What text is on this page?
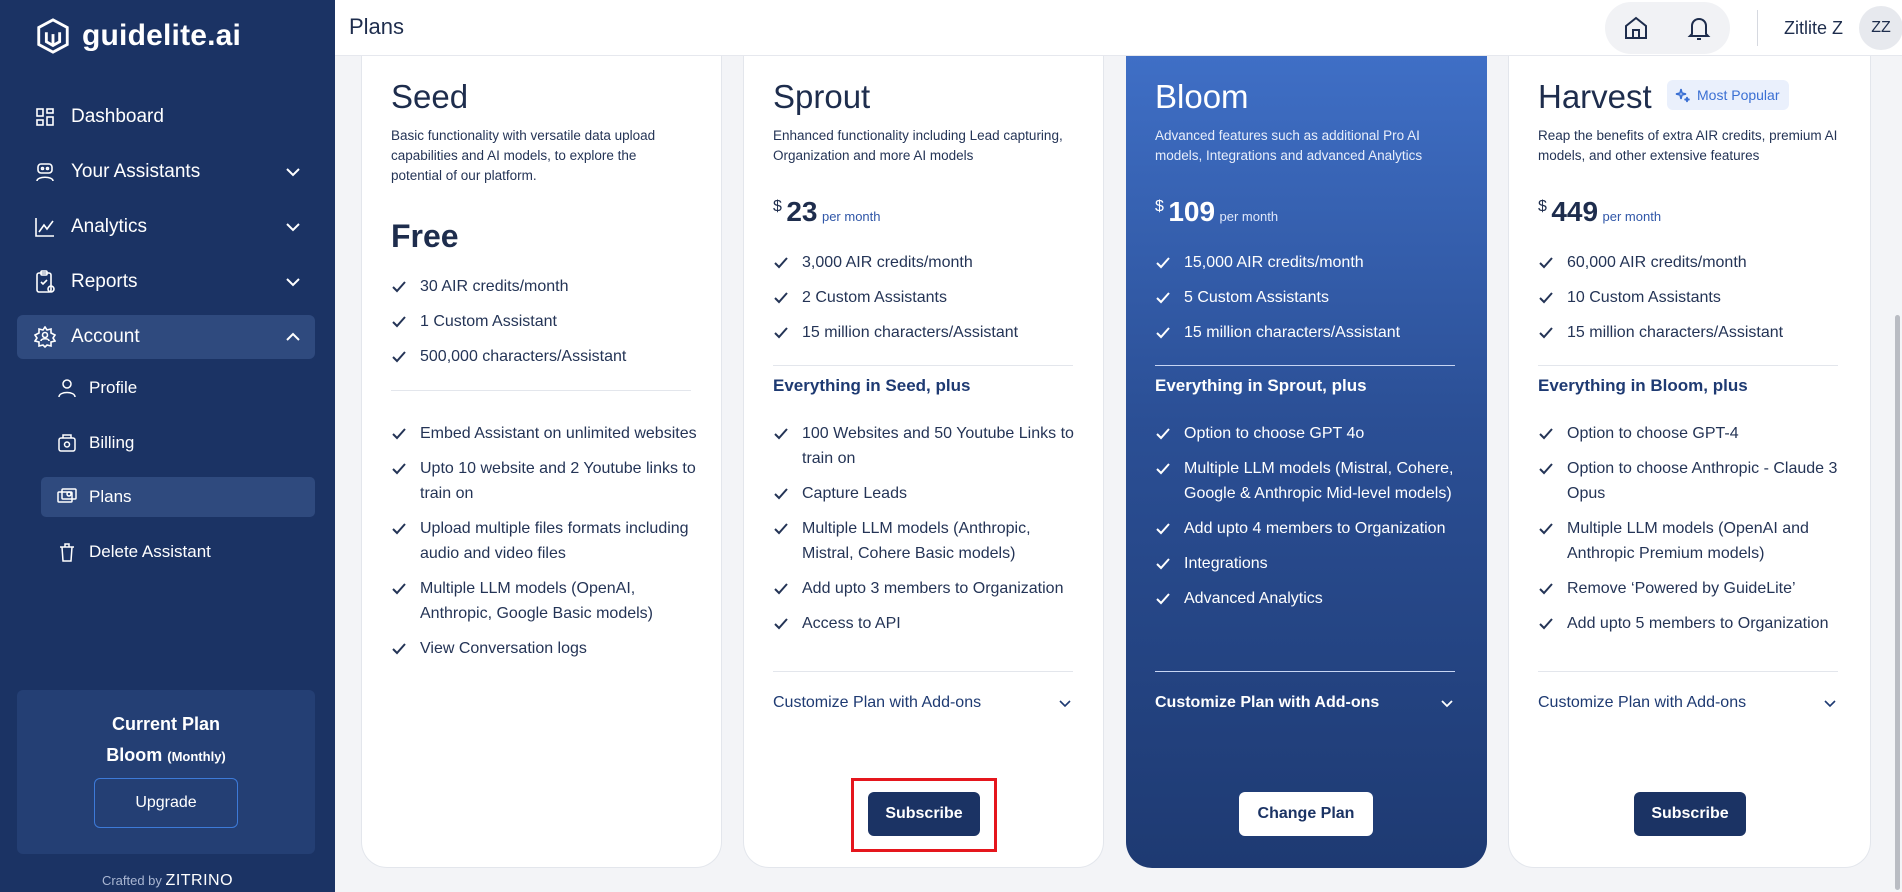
guidelite.ai
Dashboard
Your Assistants
Analytics
Reports
Account
Profile
Billing
Plans
Delete Assistant
Current Plan
Bloom (Monthly)
Upgrade
Crafted by ZITRINO
Plans	Zitlite Z	ZZ
Seed
Basic functionality with versatile data upload capabilities and AI models, to explore the potential of our platform.
Free
30 AIR credits/month
1 Custom Assistant
500,000 characters/Assistant
Embed Assistant on unlimited websites
Upto 10 website and 2 Youtube links to train on
Upload multiple files formats including audio and video files
Multiple LLM models (OpenAI, Anthropic, Google Basic models)
View Conversation logs
Sprout
Enhanced functionality including Lead capturing, Organization and more AI models
$ 23 per month
3,000 AIR credits/month
2 Custom Assistants
15 million characters/Assistant
Everything in Seed, plus
100 Websites and 50 Youtube Links to train on
Capture Leads
Multiple LLM models (Anthropic, Mistral, Cohere Basic models)
Add upto 3 members to Organization
Access to API
Customize Plan with Add-ons
Subscribe
Bloom
Advanced features such as additional Pro AI models, Integrations and advanced Analytics
$ 109 per month
15,000 AIR credits/month
5 Custom Assistants
15 million characters/Assistant
Everything in Sprout, plus
Option to choose GPT 4o
Multiple LLM models (Mistral, Cohere, Google & Anthropic Mid-level models)
Add upto 4 members to Organization
Integrations
Advanced Analytics
Customize Plan with Add-ons
Change Plan
Harvest	Most Popular
Reap the benefits of extra AIR credits, premium AI models, and other extensive features
$ 449 per month
60,000 AIR credits/month
10 Custom Assistants
15 million characters/Assistant
Everything in Bloom, plus
Option to choose GPT-4
Option to choose Anthropic - Claude 3 Opus
Multiple LLM models (OpenAI and Anthropic Premium models)
Remove ‘Powered by GuideLite’
Add upto 5 members to Organization
Customize Plan with Add-ons
Subscribe
